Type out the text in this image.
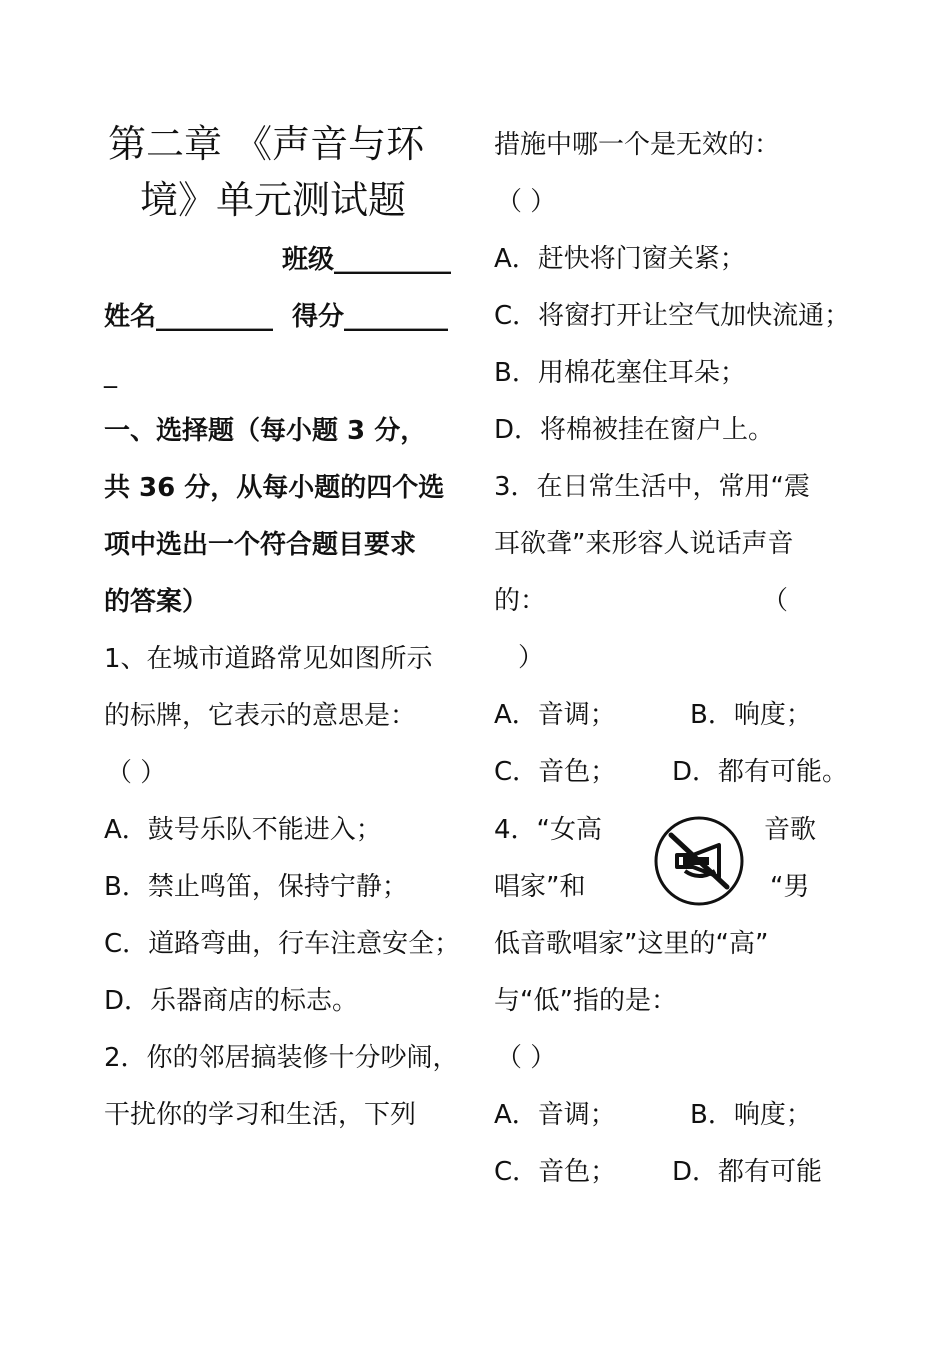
第二章 《声音与环
境》单元测试题
班级_________
姓名_________ 得分________
_
一、选择题（每小题 3 分，
共 36 分，从每小题的四个选
项中选出一个符合题目要求
的答案）
1、在城市道路常见如图所示
的标牌，它表示的意思是：
（ ）
A．鼓号乐队不能进入；
B．禁止鸣笛，保持宁静；
C．道路弯曲，行车注意安全；
D．乐器商店的标志。
2．你的邻居搞装修十分吵闹，
干扰你的学习和生活，下列
措施中哪一个是无效的：
（ ）
A．赶快将门窗关紧；
C．将窗打开让空气加快流通；
B．用棉花塞住耳朵；
D．将棉被挂在窗户上。
3．在日常生活中，常用“震
耳欲聋”来形容人说话声音
的：	（
）
A．音调；	B．响度；
C．音色； D．都有可能。
4．“女高	音歌
唱家”和	“男
低音歌唱家”这里的“高”
与“低”指的是：
（ ）
A．音调；	B．响度；
C．音色； D．都有可能
